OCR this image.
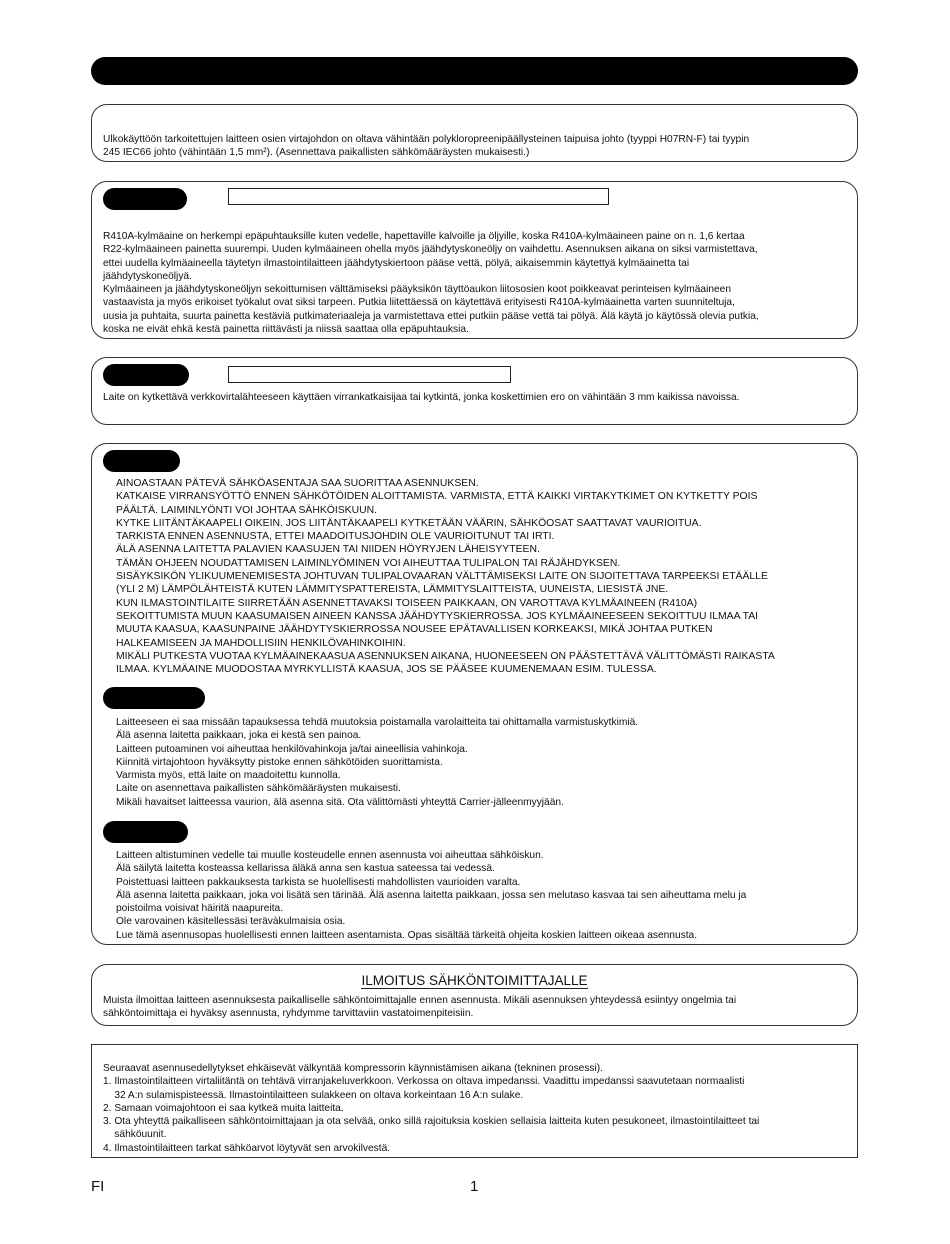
Ulkokäyttöön tarkoitettujen laitteen osien virtajohdon on oltava vähintään polykloropreenipäällysteinen taipuisa johto (tyyppi H07RN-F) tai tyypin
245 IEC66 johto (vähintään 1,5 mm²). (Asennettava paikallisten sähkömääräysten mukaisesti.)
R410A-kylmäaine on herkempi epäpuhtauksille kuten vedelle, hapettaville kalvoille ja öljyille, koska R410A-kylmäaineen paine on n. 1,6 kertaa
R22-kylmäaineen painetta suurempi. Uuden kylmäaineen ohella myös jäähdytyskoneöljy on vaihdettu. Asennuksen aikana on siksi varmistettava,
ettei uudella kylmäaineella täytetyn ilmastointilaitteen jäähdytyskiertoon pääse vettä, pölyä, aikaisemmin käytettyä kylmäainetta tai
jäähdytyskoneöljyä.
Kylmäaineen ja jäähdytyskoneöljyn sekoittumisen välttämiseksi pääyksikön täyttöaukon liitososien koot poikkeavat perinteisen kylmäaineen
vastaavista ja myös erikoiset työkalut ovat siksi tarpeen. Putkia liitettäessä on käytettävä erityisesti R410A-kylmäainetta varten suunniteltuja,
uusia ja puhtaita, suurta painetta kestäviä putkimateriaaleja ja varmistettava ettei putkiin pääse vettä tai pölyä. Älä käytä jo käytössä olevia putkia,
koska ne eivät ehkä kestä painetta riittävästi ja niissä saattaa olla epäpuhtauksia.
Laite on kytkettävä verkkovirtalähteeseen käyttäen virrankatkaisijaa tai kytkintä, jonka koskettimien ero on vähintään 3 mm kaikissa navoissa.
AINOASTAAN PÄTEVÄ SÄHKÖASENTAJA SAA SUORITTAA ASENNUKSEN.
KATKAISE VIRRANSYÖTTÖ ENNEN SÄHKÖTÖIDEN ALOITTAMISTA. VARMISTA, ETTÄ KAIKKI VIRTAKYTKIMET ON KYTKETTY POIS
PÄÄLTÄ. LAIMINLYÖNTI VOI JOHTAA SÄHKÖISKUUN.
KYTKE LIITÄNTÄKAAPELI OIKEIN. JOS LIITÄNTÄKAAPELI KYTKETÄÄN VÄÄRIN, SÄHKÖOSAT SAATTAVAT VAURIOITUA.
TARKISTA ENNEN ASENNUSTA, ETTEI MAADOITUSJOHDIN OLE VAURIOITUNUT TAI IRTI.
ÄLÄ ASENNA LAITETTA PALAVIEN KAASUJEN TAI NIIDEN HÖYRYJEN LÄHEISYYTEEN.
TÄMÄN OHJEEN NOUDATTAMISEN LAIMINLYÖMINEN VOI AIHEUTTAA TULIPALON TAI RÄJÄHDYKSEN.
SISÄYKSIKÖN YLIKUUMENEMISESTA JOHTUVAN TULIPALOVAARAN VÄLTTÄMISEKSI LAITE ON SIJOITETTAVA TARPEEKSI ETÄÄLLE
(YLI 2 M) LÄMPÖLÄHTEISTÄ KUTEN LÄMMITYSPATTEREISTA, LÄMMITYSLAITTEISTA, UUNEISTA, LIESISTÄ JNE.
KUN ILMASTOINTILAITE SIIRRETÄÄN ASENNETTAVAKSI TOISEEN PAIKKAAN, ON VAROTTAVA KYLMÄAINEEN (R410A)
SEKOITTUMISTA MUUN KAASUMAISEN AINEEN KANSSA JÄÄHDYTYSKIERROSSA. JOS KYLMÄAINEESEEN SEKOITTUU ILMAA TAI
MUUTA KAASUA, KAASUNPAINE JÄÄHDYTYSKIERROSSA NOUSEE EPÄTAVALLISEN KORKEAKSI, MIKÄ JOHTAA PUTKEN
HALKEAMISEEN JA MAHDOLLISIIN HENKILÖVAHINKOIHIN.
MIKÄLI PUTKESTA VUOTAA KYLMÄAINEKAASUA ASENNUKSEN AIKANA, HUONEESEEN ON PÄÄSTETTÄVÄ VÄLITTÖMÄSTI RAIKASTA
ILMAA. KYLMÄAINE MUODOSTAA MYRKYLLISTÄ KAASUA, JOS SE PÄÄSEE KUUMENEMAAN ESIM. TULESSA.
Laitteeseen ei saa missään tapauksessa tehdä muutoksia poistamalla varolaitteita tai ohittamalla varmistuskytkimiä.
Älä asenna laitetta paikkaan, joka ei kestä sen painoa.
Laitteen putoaminen voi aiheuttaa henkilövahinkoja ja/tai aineellisia vahinkoja.
Kiinnitä virtajohtoon hyväksytty pistoke ennen sähkötöiden suorittamista.
Varmista myös, että laite on maadoitettu kunnolla.
Laite on asennettava paikallisten sähkömääräysten mukaisesti.
Mikäli havaitset laitteessa vaurion, älä asenna sitä. Ota välittömästi yhteyttä Carrier-jälleenmyyjään.
Laitteen altistuminen vedelle tai muulle kosteudelle ennen asennusta voi aiheuttaa sähköiskun.
Älä säilytä laitetta kosteassa kellarissa äläkä anna sen kastua sateessa tai vedessä.
Poistettuasi laitteen pakkauksesta tarkista se huolellisesti mahdollisten vaurioiden varalta.
Älä asenna laitetta paikkaan, joka voi lisätä sen tärinää. Älä asenna laitetta paikkaan, jossa sen melutaso kasvaa tai sen aiheuttama melu ja
poistoilma voisivat häiritä naapureita.
Ole varovainen käsitellessäsi terävàkulmaisia osia.
Lue tämä asennusopas huolellisesti ennen laitteen asentamista. Opas sisältää tärkeitä ohjeita koskien laitteen oikeaa asennusta.
ILMOITUS SÄHKÖNTOIMITTAJALLE
Muista ilmoittaa laitteen asennuksesta paikalliselle sähköntoimittajalle ennen asennusta. Mikäli asennuksen yhteydessä esiintyy ongelmia tai
sähköntoimittaja ei hyväksy asennusta, ryhdymme tarvittaviin vastatoimenpiteisiin.
Seuraavat asennusedellytykset ehkäisevät välkyntää kompressorin käynnistämisen aikana (tekninen prosessi).
1. Ilmastointilaitteen virtaliitäntä on tehtävä virranjakeluverkkoon. Verkossa on oltava impedanssi. Vaadittu impedanssi saavutetaan normaalisti
32 A:n sulamispisteessä. Ilmastointilaitteen sulakkeen on oltava korkeintaan 16 A:n sulake.
2. Samaan voimajohtoon ei saa kytkeä muita laitteita.
3. Ota yhteyttä paikalliseen sähköntoimittajaan ja ota selvää, onko sillä rajoituksia koskien sellaisia laitteita kuten pesukoneet, ilmastointilaitteet tai
sähköuunit.
4. Ilmastointilaitteen tarkat sähköarvot löytyvät sen arvokilvestä.
FI	1
